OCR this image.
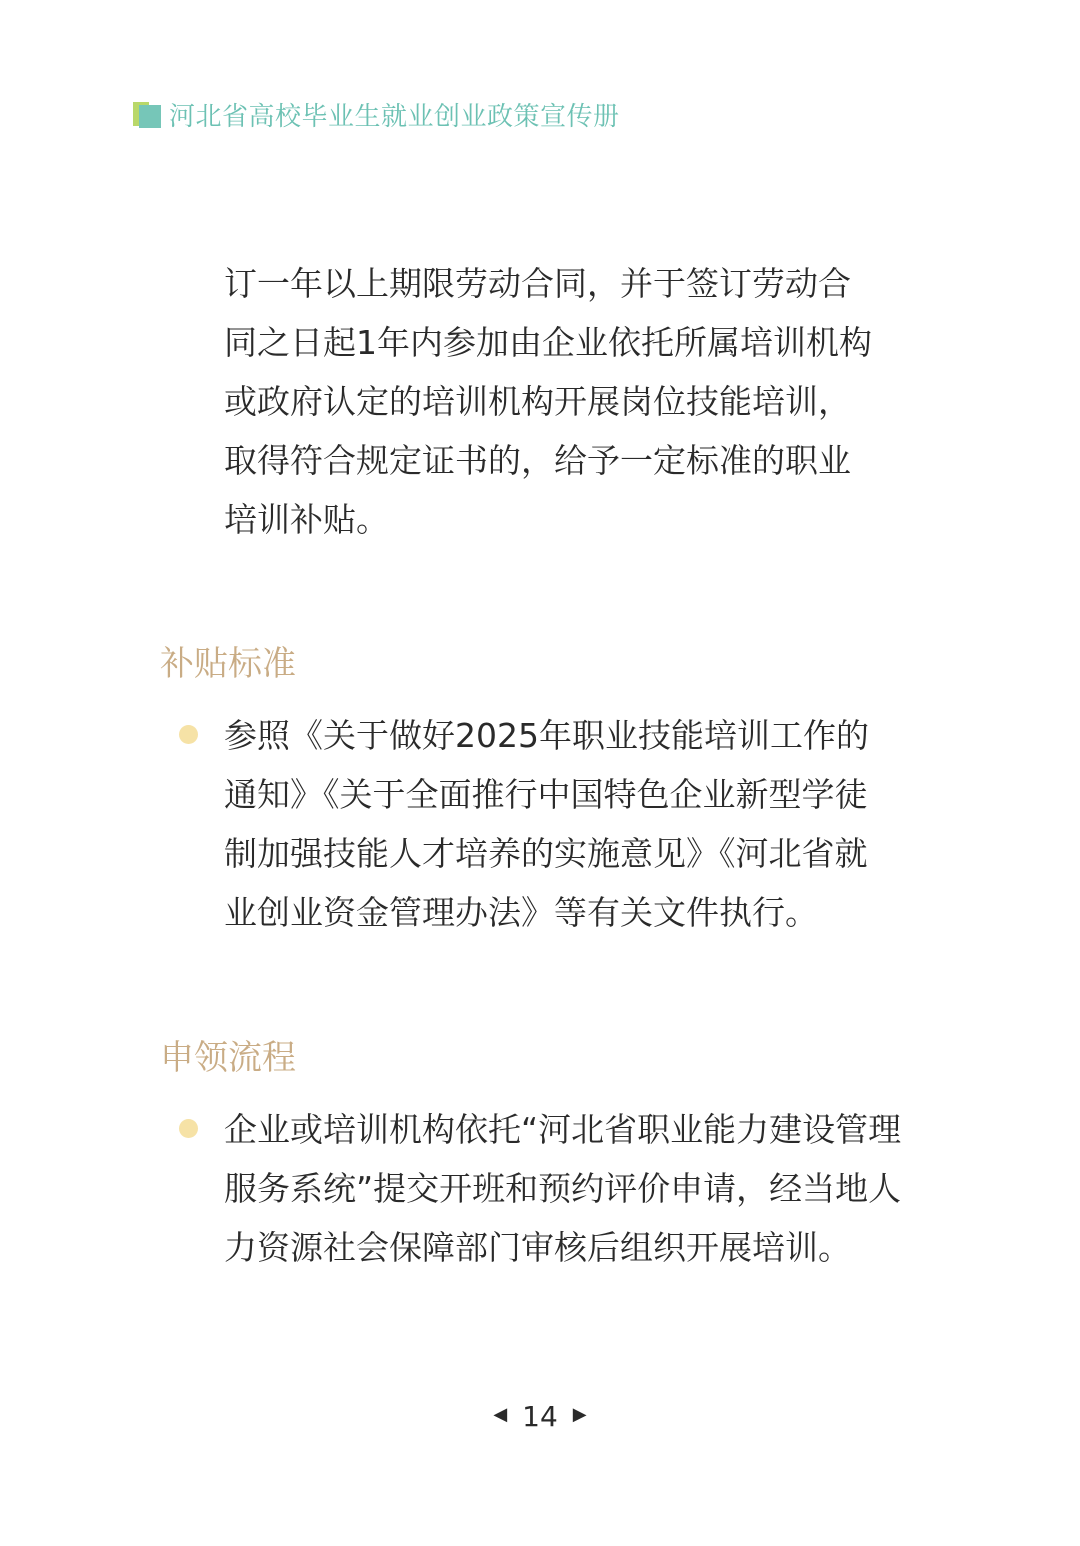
河北省高校毕业生就业创业政策宣传册
订一年以上期限劳动合同，并于签订劳动合
同之日起1年内参加由企业依托所属培训机构
或政府认定的培训机构开展岗位技能培训，
取得符合规定证书的，给予一定标准的职业
培训补贴。
补贴标准
参照《关于做好2025年职业技能培训工作的
通知》《关于全面推行中国特色企业新型学徒
制加强技能人才培养的实施意见》《河北省就
业创业资金管理办法》等有关文件执行。
申领流程
企业或培训机构依托“河北省职业能力建设管理
服务系统”提交开班和预约评价申请，经当地人
力资源社会保障部门审核后组织开展培训。
◀ 14 ▶
